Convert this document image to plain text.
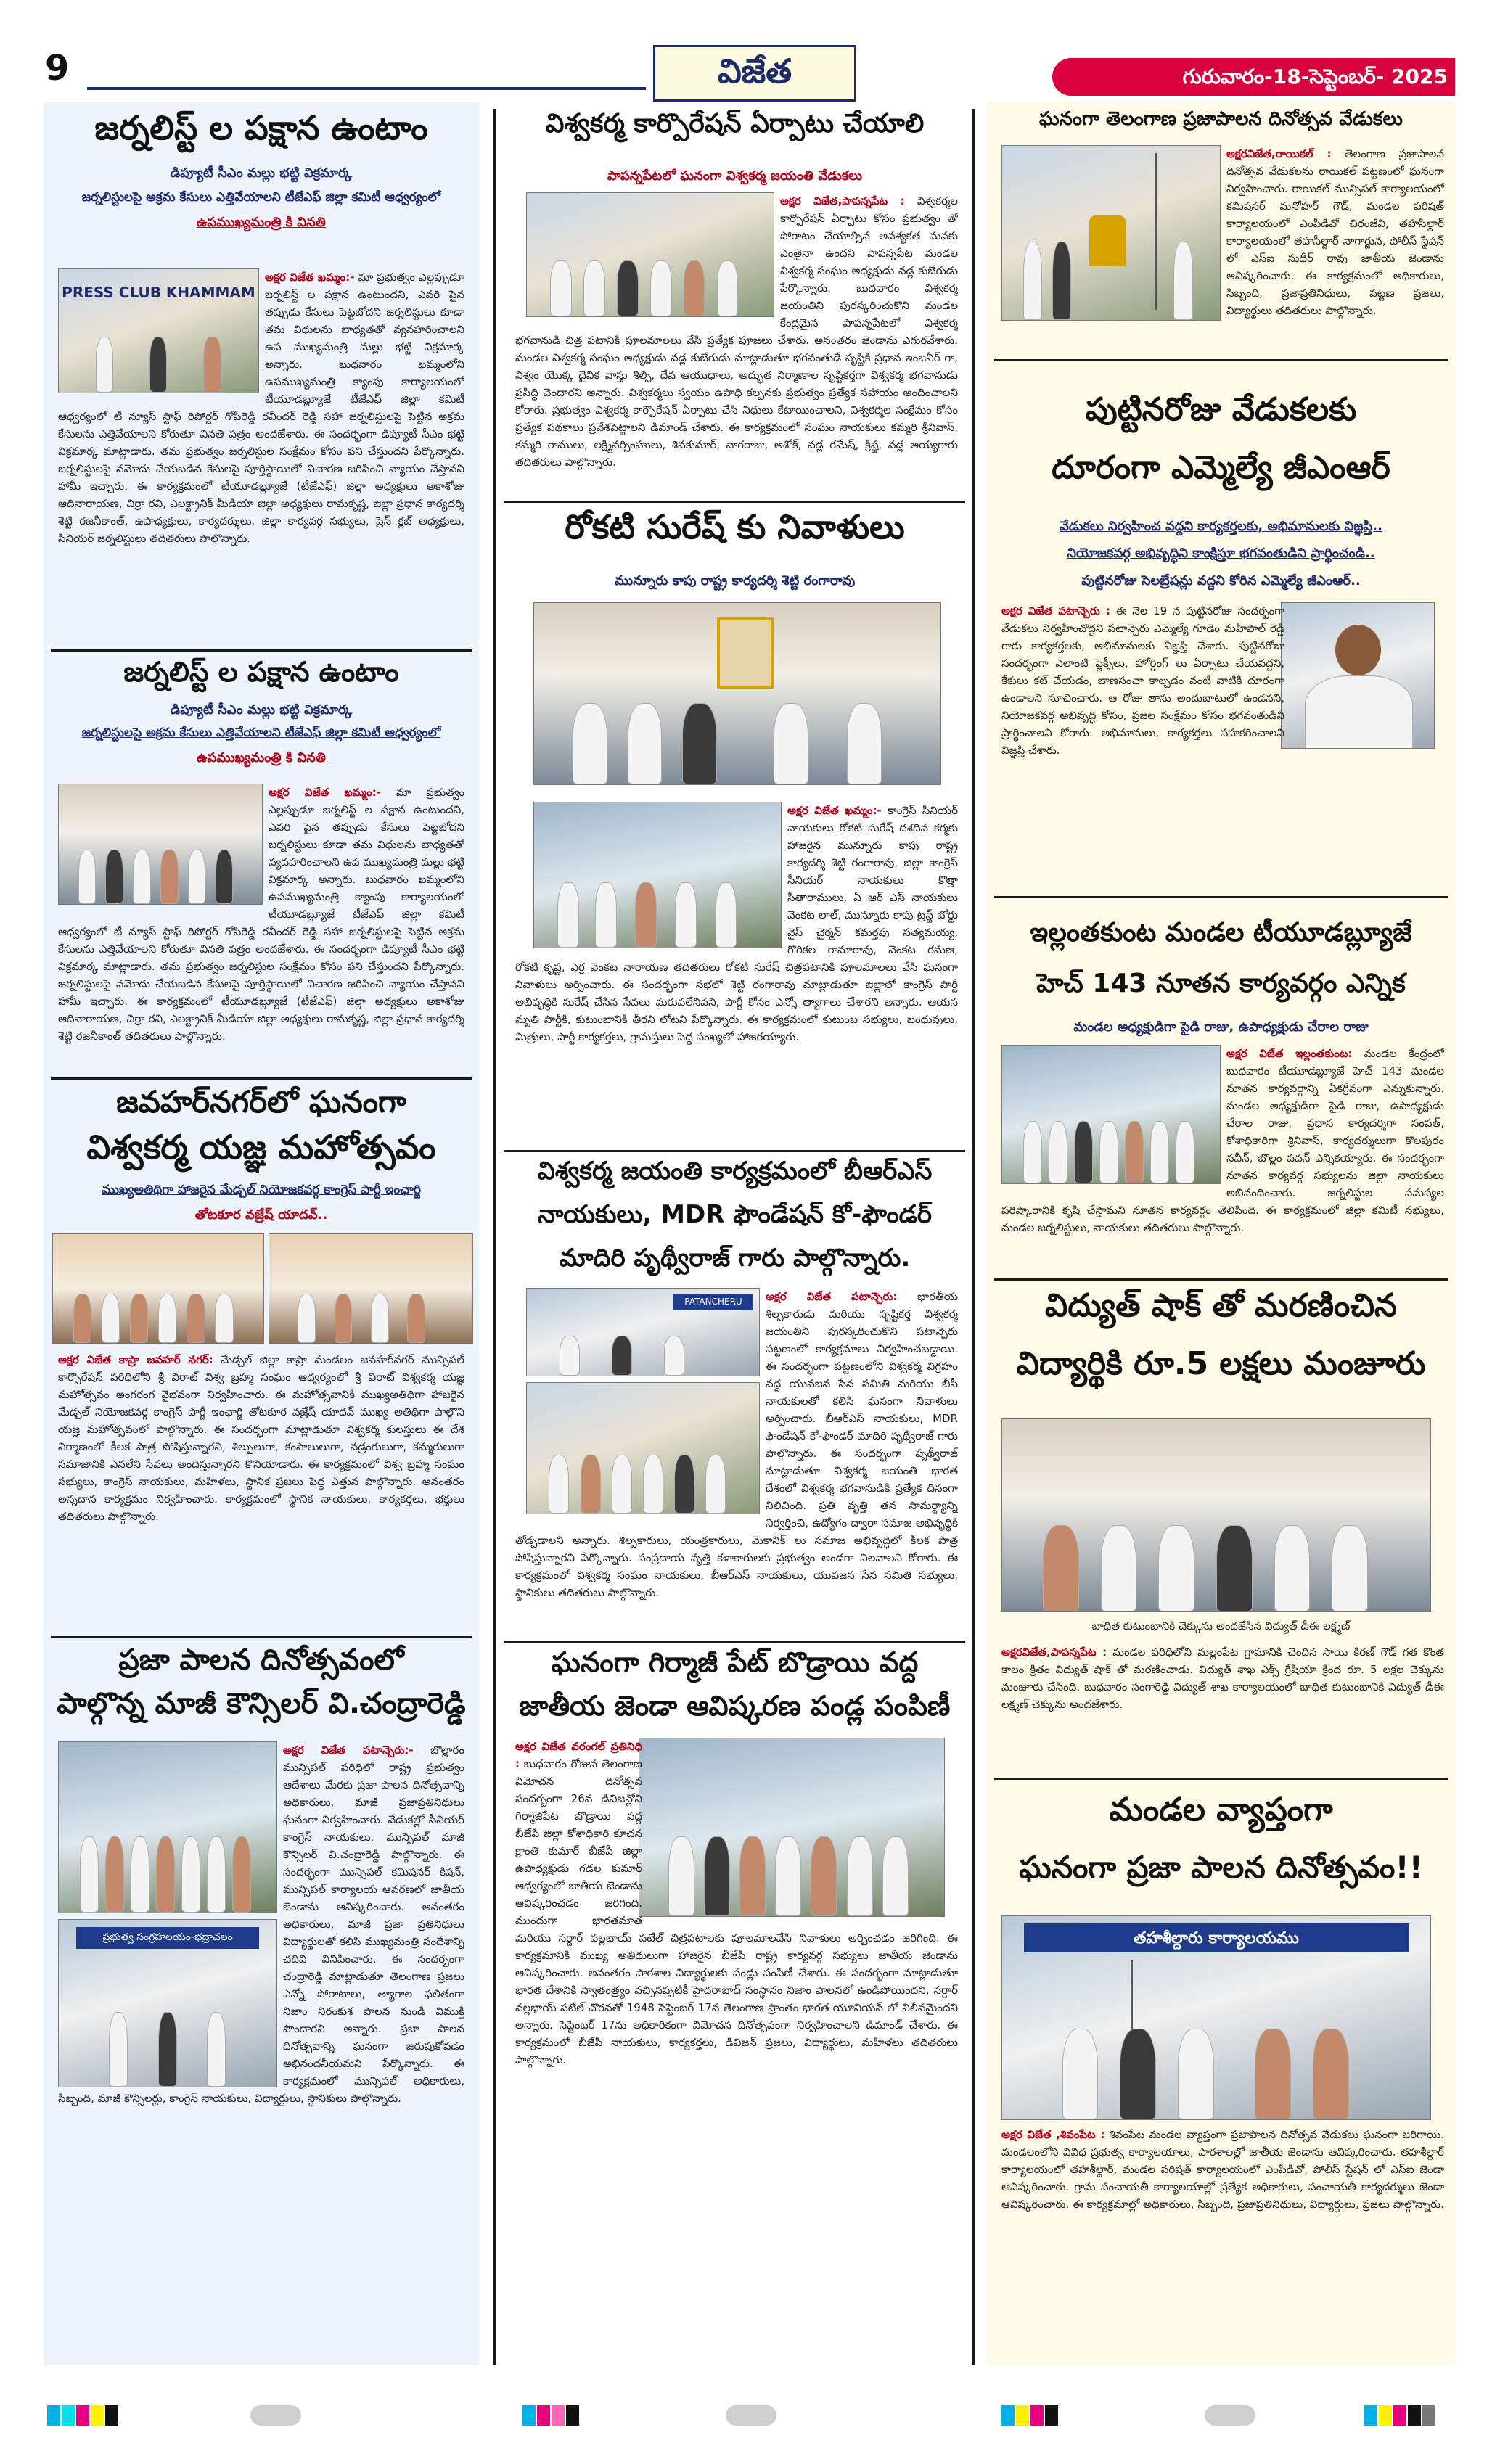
9	విజేత	గురువారం-18-సెప్టెంబర్- 2025
జర్నలిస్ట్ ల పక్షాన ఉంటాం
డిప్యూటీ సీఎం మల్లు భట్టి విక్రమార్క
జర్నలిస్టులపై అక్రమ కేసులు ఎత్తివేయాలని టీజేఎఫ్ జిల్లా కమిటీ ఆధ్వర్యంలో
ఉపముఖ్యమంత్రి కి వినతి
PRESS CLUB KHAMMAM
అక్షర విజేత ఖమ్మం:- మా ప్రభుత్వం ఎల్లప్పుడూ జర్నలిస్ట్ ల పక్షాన ఉంటుందని, ఎవరి పైన తప్పుడు కేసులు పెట్టబోదని జర్నలిస్టులు కూడా తమ విధులను బాధ్యతతో వ్యవహరించాలని ఉప ముఖ్యమంత్రి మల్లు భట్టి విక్రమార్క అన్నారు. బుధవారం ఖమ్మంలోని ఉపముఖ్యమంత్రి క్యాంపు కార్యాలయంలో టీయూడబ్ల్యూజే టీజేఎఫ్ జిల్లా కమిటీ ఆధ్వర్యంలో టీ న్యూస్ స్టాఫ్ రిపోర్టర్ గోపిరెడ్డి రవీందర్ రెడ్డి సహా జర్నలిస్టులపై పెట్టిన అక్రమ కేసులను ఎత్తివేయాలని కోరుతూ వినతి పత్రం అందజేశారు. ఈ సందర్భంగా డిప్యూటీ సీఎం భట్టి విక్రమార్క మాట్లాడారు. తమ ప్రభుత్వం జర్నలిస్టుల సంక్షేమం కోసం పని చేస్తుందని పేర్కొన్నారు. జర్నలిస్టులపై నమోదు చేయబడిన కేసులపై పూర్తిస్థాయిలో విచారణ జరిపించి న్యాయం చేస్తానని హామీ ఇచ్చారు. ఈ కార్యక్రమంలో టీయూడబ్ల్యూజే (టీజేఎఫ్) జిల్లా అధ్యక్షులు అకాశోజు ఆదినారాయణ, చిర్రా రవి, ఎలక్ట్రానిక్ మీడియా జిల్లా అధ్యక్షులు రామకృష్ణ, జిల్లా ప్రధాన కార్యదర్శి శెట్టి రజనీకాంత్, ఉపాధ్యక్షులు, కార్యదర్శులు, జిల్లా కార్యవర్గ సభ్యులు, ప్రెస్ క్లబ్ అధ్యక్షులు, సీనియర్ జర్నలిస్టులు తదితరులు పాల్గొన్నారు.
జర్నలిస్ట్ ల పక్షాన ఉంటాం
డిప్యూటీ సీఎం మల్లు భట్టి విక్రమార్క
జర్నలిస్టులపై అక్రమ కేసులు ఎత్తివేయాలని టీజేఎఫ్ జిల్లా కమిటీ ఆధ్వర్యంలో
ఉపముఖ్యమంత్రి కి వినతి
అక్షర విజేత ఖమ్మం:- మా ప్రభుత్వం ఎల్లప్పుడూ జర్నలిస్ట్ ల పక్షాన ఉంటుందని, ఎవరి పైన తప్పుడు కేసులు పెట్టబోదని జర్నలిస్టులు కూడా తమ విధులను బాధ్యతతో వ్యవహరించాలని ఉప ముఖ్యమంత్రి మల్లు భట్టి విక్రమార్క అన్నారు. బుధవారం ఖమ్మంలోని ఉపముఖ్యమంత్రి క్యాంపు కార్యాలయంలో టీయూడబ్ల్యూజే టీజేఎఫ్ జిల్లా కమిటీ ఆధ్వర్యంలో టీ న్యూస్ స్టాఫ్ రిపోర్టర్ గోపిరెడ్డి రవీందర్ రెడ్డి సహా జర్నలిస్టులపై పెట్టిన అక్రమ కేసులను ఎత్తివేయాలని కోరుతూ వినతి పత్రం అందజేశారు. ఈ సందర్భంగా డిప్యూటీ సీఎం భట్టి విక్రమార్క మాట్లాడారు. తమ ప్రభుత్వం జర్నలిస్టుల సంక్షేమం కోసం పని చేస్తుందని పేర్కొన్నారు. జర్నలిస్టులపై నమోదు చేయబడిన కేసులపై పూర్తిస్థాయిలో విచారణ జరిపించి న్యాయం చేస్తానని హామీ ఇచ్చారు. ఈ కార్యక్రమంలో టీయూడబ్ల్యూజే (టీజేఎఫ్) జిల్లా అధ్యక్షులు అకాశోజు ఆదినారాయణ, చిర్రా రవి, ఎలక్ట్రానిక్ మీడియా జిల్లా అధ్యక్షులు రామకృష్ణ, జిల్లా ప్రధాన కార్యదర్శి శెట్టి రజనీకాంత్ తదితరులు పాల్గొన్నారు.
జవహర్‌నగర్‌లో ఘనంగా
విశ్వకర్మ యజ్ఞ మహోత్సవం
ముఖ్యఅతిథిగా హాజరైన మేడ్చల్ నియోజకవర్గ కాంగ్రెస్ పార్టీ ఇంఛార్జి
తోటకూర వజ్రేష్ యాదవ్..
అక్షర విజేత కాప్రా జవహర్ నగర్: మేడ్చల్ జిల్లా కాప్రా మండలం జవహర్‌నగర్ మున్సిపల్ కార్పొరేషన్ పరిధిలోని శ్రీ విరాట్ విశ్వ బ్రహ్మ సంఘం ఆధ్వర్యంలో శ్రీ విరాట్ విశ్వకర్మ యజ్ఞ మహోత్సవం అంగరంగ వైభవంగా నిర్వహించారు. ఈ మహోత్సవానికి ముఖ్యఅతిథిగా హాజరైన మేడ్చల్ నియోజకవర్గ కాంగ్రెస్ పార్టీ ఇంఛార్జి తోటకూర వజ్రేష్ యాదవ్ ముఖ్య అతిథిగా పాల్గొని యజ్ఞ మహోత్సవంలో పాల్గొన్నారు. ఈ సందర్భంగా మాట్లాడుతూ విశ్వకర్మ కులస్తులు ఈ దేశ నిర్మాణంలో కీలక పాత్ర పోషిస్తున్నారని, శిల్పులుగా, కంసాలులుగా, వడ్రంగులుగా, కమ్మరులుగా సమాజానికి ఎనలేని సేవలు అందిస్తున్నారని కొనియాడారు. ఈ కార్యక్రమంలో విశ్వ బ్రహ్మ సంఘం సభ్యులు, కాంగ్రెస్ నాయకులు, మహిళలు, స్థానిక ప్రజలు పెద్ద ఎత్తున పాల్గొన్నారు. అనంతరం అన్నదాన కార్యక్రమం నిర్వహించారు. కార్యక్రమంలో స్థానిక నాయకులు, కార్యకర్తలు, భక్తులు తదితరులు పాల్గొన్నారు.
ప్రజా పాలన దినోత్సవంలో
పాల్గొన్న మాజీ కౌన్సిలర్ వి.చంద్రారెడ్డి
ప్రభుత్వ సంగ్రహాలయం-భద్రాచలం
అక్షర విజేత పటాన్చెరు:- బొల్లారం మున్సిపల్ పరిధిలో రాష్ట్ర ప్రభుత్వం ఆదేశాలు మేరకు ప్రజా పాలన దినోత్సవాన్ని అధికారులు, మాజీ ప్రజాప్రతినిధులు ఘనంగా నిర్వహించారు. వేడుకల్లో సీనియర్ కాంగ్రెస్ నాయకులు, మున్సిపల్ మాజీ కౌన్సిలర్ వి.చంద్రారెడ్డి పాల్గొన్నారు. ఈ సందర్భంగా మున్సిపల్ కమిషనర్ కిషన్, మున్సిపల్ కార్యాలయ ఆవరణలో జాతీయ జెండాను ఆవిష్కరించారు. అనంతరం అధికారులు, మాజీ ప్రజా ప్రతినిధులు విద్యార్థులతో కలిసి ముఖ్యమంత్రి సందేశాన్ని చదివి వినిపించారు. ఈ సందర్భంగా చంద్రారెడ్డి మాట్లాడుతూ తెలంగాణ ప్రజలు ఎన్నో పోరాటాలు, త్యాగాల ఫలితంగా నిజాం నిరంకుశ పాలన నుండి విముక్తి పొందారని అన్నారు. ప్రజా పాలన దినోత్సవాన్ని ఘనంగా జరుపుకోవడం అభినందనీయమని పేర్కొన్నారు. ఈ కార్యక్రమంలో మున్సిపల్ అధికారులు, సిబ్బంది, మాజీ కౌన్సిలర్లు, కాంగ్రెస్ నాయకులు, విద్యార్థులు, స్థానికులు పాల్గొన్నారు.
విశ్వకర్మ కార్పొరేషన్ ఏర్పాటు చేయాలి
పాపన్నపేటలో ఘనంగా విశ్వకర్మ జయంతి వేడుకలు
అక్షర విజేత,పాపన్నపేట : విశ్వకర్మల కార్పొరేషన్ ఏర్పాటు కోసం ప్రభుత్వం తో పోరాటం చేయాల్సిన అవశ్యకత మనకు ఎంతైనా ఉందని పాపన్నపేట మండల విశ్వకర్మ సంఘం అధ్యక్షుడు వడ్ల కుబేరుడు పేర్కొన్నారు. బుధవారం విశ్వకర్మ జయంతిని పురస్కరించుకొని మండల కేంద్రమైన పాపన్నపేటలో విశ్వకర్మ భగవానుడి చిత్ర పటానికి పూలమాలలు వేసి ప్రత్యేక పూజలు చేశారు. అనంతరం జెండాను ఎగురవేశారు. మండల విశ్వకర్మ సంఘం అధ్యక్షుడు వడ్ల కుబేరుడు మాట్లాడుతూ భగవంతుడే సృష్టికి ప్రధాన ఇంజనీర్ గా, విశ్వం యొక్క దైవిక వాస్తు శిల్పి, దేవ ఆయుధాలు, అద్భుత నిర్మాణాల సృష్టికర్తగా విశ్వకర్మ భగవానుడు ప్రసిద్ధి చెందారని అన్నారు. విశ్వకర్మలు స్వయం ఉపాధి కల్పనకు ప్రభుత్వం ప్రత్యేక సహాయం అందించాలని కోరారు. ప్రభుత్వం విశ్వకర్మ కార్పొరేషన్ ఏర్పాటు చేసి నిధులు కేటాయించాలని, విశ్వకర్మల సంక్షేమం కోసం ప్రత్యేక పథకాలు ప్రవేశపెట్టాలని డిమాండ్ చేశారు. ఈ కార్యక్రమంలో సంఘం నాయకులు కమ్మరి శ్రీనివాస్, కమ్మరి రాములు, లక్ష్మినర్సింహులు, శివకుమార్, నాగరాజు, అశోక్, వడ్ల రమేష్, క్రిష్ణ, వడ్ల అయ్యగారు తదితరులు పాల్గొన్నారు.
రోకటి సురేష్ కు నివాళులు
మున్నూరు కాపు రాష్ట్ర కార్యదర్శి శెట్టి రంగారావు
అక్షర విజేత ఖమ్మం:- కాంగ్రెస్ సీనియర్ నాయకులు రోకటి సురేష్ దశదిన కర్మకు హాజరైన మున్నూరు కాపు రాష్ట్ర కార్యదర్శి శెట్టి రంగారావు, జిల్లా కాంగ్రెస్ సీనియర్ నాయకులు కొత్తా సీతారాములు, ఏ ఆర్ ఎస్ నాయకులు వెంకట లాల్, మున్నూరు కాపు ట్రస్ట్ బోర్డు వైస్ చైర్మన్ కమర్తపు సత్యమయ్య, గొరికల రామారావు, వెంకట రమణ, రోకటి కృష్ణ, ఎర్ర వెంకట నారాయణ తదితరులు రోకటి సురేష్ చిత్రపటానికి పూలమాలలు వేసి ఘనంగా నివాళులు అర్పించారు. ఈ సందర్భంగా సభలో శెట్టి రంగారావు మాట్లాడుతూ జిల్లాలో కాంగ్రెస్ పార్టీ అభివృద్ధికి సురేష్ చేసిన సేవలు మరువలేనివని, పార్టీ కోసం ఎన్నో త్యాగాలు చేశారని అన్నారు. ఆయన మృతి పార్టీకి, కుటుంబానికి తీరని లోటని పేర్కొన్నారు. ఈ కార్యక్రమంలో కుటుంబ సభ్యులు, బంధువులు, మిత్రులు, పార్టీ కార్యకర్తలు, గ్రామస్తులు పెద్ద సంఖ్యలో హాజరయ్యారు.
విశ్వకర్మ జయంతి కార్యక్రమంలో బీఆర్ఎస్
నాయకులు, MDR ఫౌండేషన్ కో-ఫౌండర్
మాదిరి పృథ్వీరాజ్ గారు పాల్గొన్నారు.
PATANCHERU	అక్షర విజేత పటాన్చెరు: భారతీయ శిల్పకారుడు మరియు సృష్టికర్త విశ్వకర్మ జయంతిని పురస్కరించుకొని పటాన్చెరు పట్టణంలో కార్యక్రమాలు నిర్వహించబడ్డాయి. ఈ సందర్భంగా పట్టణంలోని విశ్వకర్మ విగ్రహం వద్ద యువజన సేన సమితి మరియు బీసీ నాయకులతో కలిసి ఘనంగా నివాళులు అర్పించారు. బీఆర్ఎస్ నాయకులు, MDR ఫౌండేషన్ కో-ఫౌండర్ మాదిరి పృథ్వీరాజ్ గారు పాల్గొన్నారు. ఈ సందర్భంగా పృథ్వీరాజ్ మాట్లాడుతూ విశ్వకర్మ జయంతి భారత దేశంలో విశ్వకర్మ భగవానుడికి ప్రత్యేక దినంగా నిలిచింది. ప్రతి వృత్తి తన సామర్థ్యాన్ని నిర్వర్తించి, ఉద్యోగం ద్వారా సమాజ అభివృద్ధికి తోడ్పడాలని అన్నారు. శిల్పకారులు, యంత్రకారులు, మెకానిక్ లు సమాజ అభివృద్ధిలో కీలక పాత్ర పోషిస్తున్నారని పేర్కొన్నారు. సంప్రదాయ వృత్తి కళాకారులకు ప్రభుత్వం అండగా నిలవాలని కోరారు. ఈ కార్యక్రమంలో విశ్వకర్మ సంఘం నాయకులు, బీఆర్ఎస్ నాయకులు, యువజన సేన సమితి సభ్యులు, స్థానికులు తదితరులు పాల్గొన్నారు.
ఘనంగా గిర్మాజీ పేట్ బొడ్రాయి వద్ద
జాతీయ జెండా ఆవిష్కరణ పండ్ల పంపిణీ
అక్షర విజేత వరంగల్ ప్రతినిధి : బుధవారం రోజున తెలంగాణ విమోచన దినోత్సవ సందర్భంగా 26వ డివిజన్లోని గిర్మాజీపేట బొడ్రాయి వద్ద బీజేపీ జిల్లా కోశాధికారి కూచన క్రాంతి కుమార్ బీజేపీ జిల్లా ఉపాధ్యక్షుడు గడల కుమార్ ఆధ్వర్యంలో జాతీయ జెండాను ఆవిష్కరించడం జరిగింది. ముందుగా భారతమాత మరియు సర్దార్ వల్లభాయ్ పటేల్ చిత్రపటాలకు పూలమాలవేసి నివాళులు అర్పించడం జరిగింది. ఈ కార్యక్రమానికి ముఖ్య అతిథులుగా హాజరైన బీజేపీ రాష్ట్ర కార్యవర్గ సభ్యులు జాతీయ జెండాను ఆవిష్కరించారు. అనంతరం పాఠశాల విద్యార్థులకు పండ్లు పంపిణీ చేశారు. ఈ సందర్భంగా మాట్లాడుతూ భారత దేశానికి స్వాతంత్ర్యం వచ్చినప్పటికీ హైదరాబాద్ సంస్థానం నిజాం పాలనలో ఉండిపోయిందని, సర్దార్ వల్లభాయ్ పటేల్ చొరవతో 1948 సెప్టెంబర్ 17న తెలంగాణ ప్రాంతం భారత యూనియన్ లో విలీనమైందని అన్నారు. సెప్టెంబర్ 17ను అధికారికంగా విమోచన దినోత్సవంగా నిర్వహించాలని డిమాండ్ చేశారు. ఈ కార్యక్రమంలో బీజేపీ నాయకులు, కార్యకర్తలు, డివిజన్ ప్రజలు, విద్యార్థులు, మహిళలు తదితరులు పాల్గొన్నారు.
ఘనంగా తెలంగాణ ప్రజాపాలన దినోత్సవ వేడుకలు
అక్షరవిజేత,రాయికల్ : తెలంగాణ ప్రజాపాలన దినోత్సవ వేడుకలను రాయికల్ పట్టణంలో ఘనంగా నిర్వహించారు. రాయికల్ మున్సిపల్ కార్యాలయంలో కమిషనర్ మనోహర్ గౌడ్, మండల పరిషత్ కార్యాలయంలో ఎంపీడీవో చిరంజీవి, తహసీల్దార్ కార్యాలయంలో తహసీల్దార్ నాగార్జున, పోలీస్ స్టేషన్ లో ఎస్ఐ సుధీర్ రావు జాతీయ జెండాను ఆవిష్కరించారు. ఈ కార్యక్రమంలో అధికారులు, సిబ్బంది, ప్రజాప్రతినిధులు, పట్టణ ప్రజలు, విద్యార్థులు తదితరులు పాల్గొన్నారు.
పుట్టినరోజు వేడుకలకు
దూరంగా ఎమ్మెల్యే జీఎంఆర్
వేడుకలు నిర్వహించ వద్దని కార్యకర్తలకు, అభిమానులకు విజ్ఞప్తి..
నియోజకవర్గ అభివృద్ధిని కాంక్షిస్తూ భగవంతుడిని ప్రార్థించండి..
పుట్టినరోజు సెలబ్రేషన్లు వద్దని కోరిన ఎమ్మెల్యే జీఎంఆర్..
అక్షర విజేత పటాన్చెరు : ఈ నెల 19 న పుట్టినరోజు సందర్భంగా వేడుకలు నిర్వహించొద్దని పటాన్చెరు ఎమ్మెల్యే గూడెం మహిపాల్ రెడ్డి గారు కార్యకర్తలకు, అభిమానులకు విజ్ఞప్తి చేశారు. పుట్టినరోజు సందర్భంగా ఎలాంటి ఫ్లెక్సీలు, హోర్డింగ్ లు ఏర్పాటు చేయవద్దని, కేకులు కట్ చేయడం, బాణసంచా కాల్చడం వంటి వాటికి దూరంగా ఉండాలని సూచించారు. ఆ రోజు తాను అందుబాటులో ఉండనని, నియోజకవర్గ అభివృద్ధి కోసం, ప్రజల సంక్షేమం కోసం భగవంతుడిని ప్రార్థించాలని కోరారు. అభిమానులు, కార్యకర్తలు సహకరించాలని విజ్ఞప్తి చేశారు.
ఇల్లంతకుంట మండల టీయూడబ్ల్యూజే
హెచ్ 143 నూతన కార్యవర్గం ఎన్నిక
మండల అధ్యక్షుడిగా పైడి రాజు, ఉపాధ్యక్షుడు చేరాల రాజు
అక్షర విజేత ఇల్లంతకుంట: మండల కేంద్రంలో బుధవారం టీయూడబ్ల్యూజే హెచ్ 143 మండల నూతన కార్యవర్గాన్ని ఏకగ్రీవంగా ఎన్నుకున్నారు. మండల అధ్యక్షుడిగా పైడి రాజు, ఉపాధ్యక్షుడు చేరాల రాజు, ప్రధాన కార్యదర్శిగా సంపత్, కోశాధికారిగా శ్రీనివాస్, కార్యదర్శులుగా కొలపురం నవీన్, బొల్లం పవన్ ఎన్నికయ్యారు. ఈ సందర్భంగా నూతన కార్యవర్గ సభ్యులను జిల్లా నాయకులు అభినందించారు. జర్నలిస్టుల సమస్యల పరిష్కారానికి కృషి చేస్తామని నూతన కార్యవర్గం తెలిపింది. ఈ కార్యక్రమంలో జిల్లా కమిటీ సభ్యులు, మండల జర్నలిస్టులు, నాయకులు తదితరులు పాల్గొన్నారు.
విద్యుత్ షాక్ తో మరణించిన
విద్యార్థికి రూ.5 లక్షలు మంజూరు
బాధిత కుటుంబానికి చెక్కును అందజేసిన విద్యుత్ డీఈ లక్ష్మణ్
అక్షరవిజేత,పాపన్నపేట : మండల పరిధిలోని మల్లంపేట గ్రామానికి చెందిన సాయి కిరణ్ గౌడ్ గత కొంత కాలం క్రితం విద్యుత్ షాక్ తో మరణించాడు. విద్యుత్ శాఖ ఎక్స్ గ్రేషియా క్రింద రూ. 5 లక్షల చెక్కును మంజూరు చేసింది. బుధవారం సంగారెడ్డి విద్యుత్ శాఖ కార్యాలయంలో బాధిత కుటుంబానికి విద్యుత్ డీఈ లక్ష్మణ్ చెక్కును అందజేశారు.
మండల వ్యాప్తంగా
ఘనంగా ప్రజా పాలన దినోత్సవం!!
తహశీల్దారు కార్యాలయము
అక్షర విజేత ,శివంపేట : శివంపేట మండల వ్యాప్తంగా ప్రజాపాలన దినోత్సవ వేడుకలు ఘనంగా జరిగాయి. మండలంలోని వివిధ ప్రభుత్వ కార్యాలయాలు, పాఠశాలల్లో జాతీయ జెండాను ఆవిష్కరించారు. తహశీల్దార్ కార్యాలయంలో తహశీల్దార్, మండల పరిషత్ కార్యాలయంలో ఎంపీడీవో, పోలీస్ స్టేషన్ లో ఎస్ఐ జెండా ఆవిష్కరించారు. గ్రామ పంచాయతీ కార్యాలయాల్లో ప్రత్యేక అధికారులు, పంచాయతీ కార్యదర్శులు జెండా ఆవిష్కరించారు. ఈ కార్యక్రమాల్లో అధికారులు, సిబ్బంది, ప్రజాప్రతినిధులు, విద్యార్థులు, ప్రజలు పాల్గొన్నారు.
